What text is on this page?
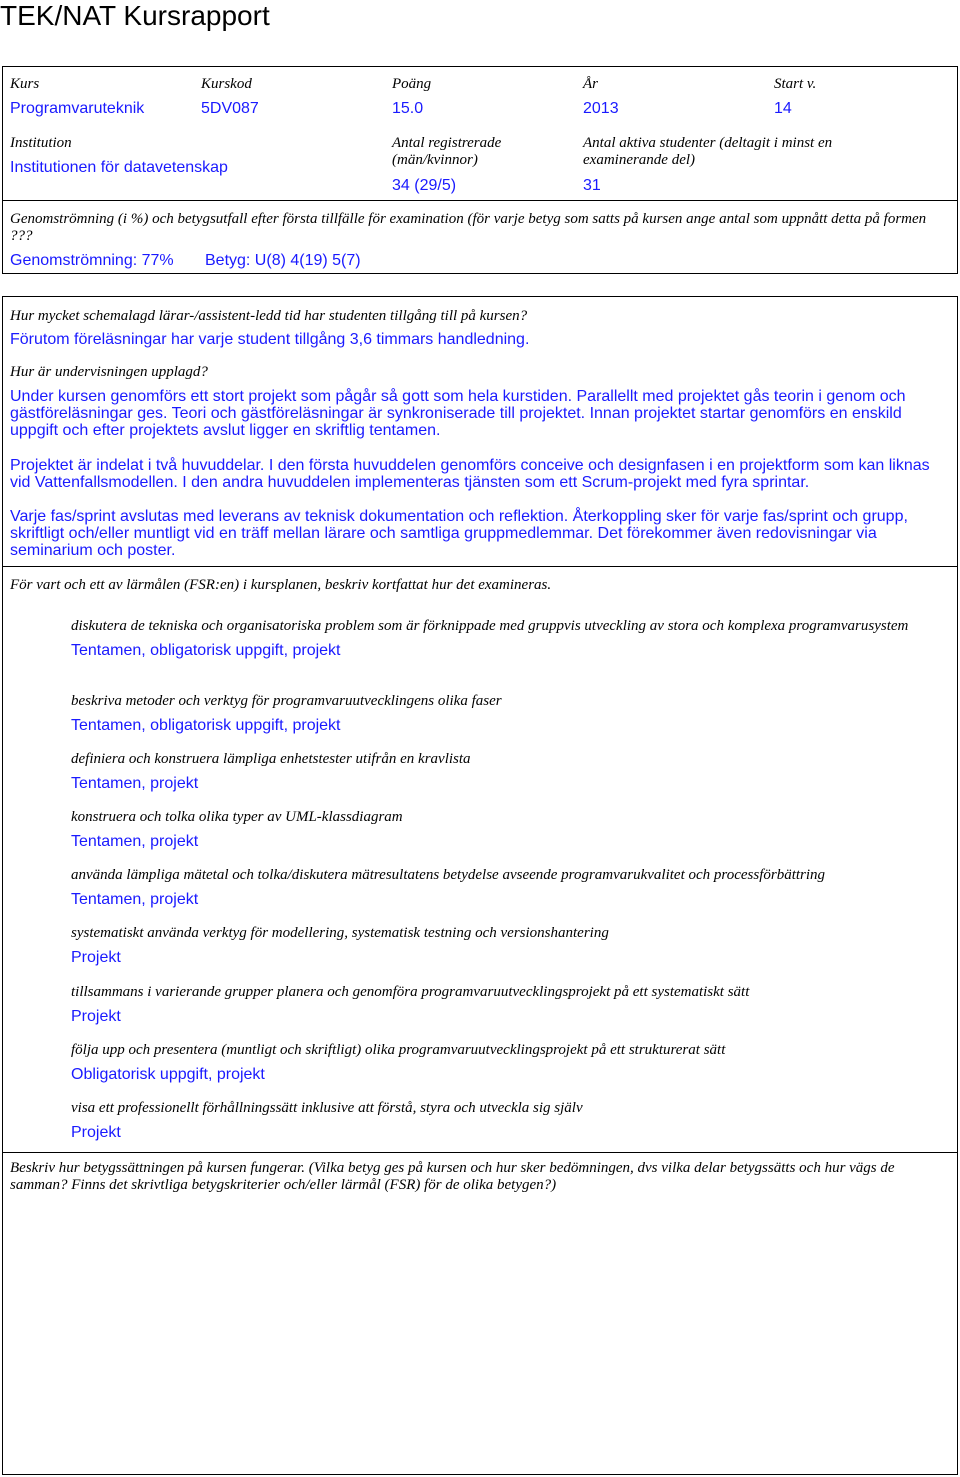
TEK/NAT Kursrapport
Kurs
Programvaruteknik
Kurskod
5DV087
Poäng
15.0
År
2013
Start v.
14
Institution
Institutionen för datavetenskap
Antal registrerade (män/kvinnor)
34 (29/5)
Antal aktiva studenter (deltagit i minst en examinerande del)
31
Genomströmning (i %) och betygsutfall efter första tillfälle för examination (för varje betyg som satts på kursen ange antal som uppnått detta på formen ???
Genomströmning: 77% Betyg: U(8) 4(19) 5(7)
Hur mycket schemalagd lärar-/assistent-ledd tid har studenten tillgång till på kursen?
Förutom föreläsningar har varje student tillgång 3,6 timmars handledning.
Hur är undervisningen upplagd?
Under kursen genomförs ett stort projekt som pågår så gott som hela kurstiden. Parallellt med projektet gås teorin i genom och gästföreläsningar ges. Teori och gästföreläsningar är synkroniserade till projektet. Innan projektet startar genomförs en enskild uppgift och efter projektets avslut ligger en skriftlig tentamen.
Projektet är indelat i två huvuddelar. I den första huvuddelen genomförs conceive och designfasen i en projektform som kan liknas vid Vattenfallsmodellen. I den andra huvuddelen implementeras tjänsten som ett Scrum-projekt med fyra sprintar.
Varje fas/sprint avslutas med leverans av teknisk dokumentation och reflektion. Återkoppling sker för varje fas/sprint och grupp, skriftligt och/eller muntligt vid en träff mellan lärare och samtliga gruppmedlemmar. Det förekommer även redovisningar via seminarium och poster.
För vart och ett av lärmålen (FSR:en) i kursplanen, beskriv kortfattat hur det examineras.
diskutera de tekniska och organisatoriska problem som är förknippade med gruppvis utveckling av stora och komplexa programvarusystem
Tentamen, obligatorisk uppgift, projekt
beskriva metoder och verktyg för programvaruutvecklingens olika faser
Tentamen, obligatorisk uppgift, projekt
definiera och konstruera lämpliga enhetstester utifrån en kravlista
Tentamen, projekt
konstruera och tolka olika typer av UML-klassdiagram
Tentamen, projekt
använda lämpliga mätetal och tolka/diskutera mätresultatens betydelse avseende programvarukvalitet och processförbättring
Tentamen, projekt
systematiskt använda verktyg för modellering, systematisk testning och versionshantering
Projekt
tillsammans i varierande grupper planera och genomföra programvaruutvecklingsprojekt på ett systematiskt sätt
Projekt
följa upp och presentera (muntligt och skriftligt) olika programvaruutvecklingsprojekt på ett strukturerat sätt
Obligatorisk uppgift, projekt
visa ett professionellt förhållningssätt inklusive att förstå, styra och utveckla sig själv
Projekt
Beskriv hur betygssättningen på kursen fungerar. (Vilka betyg ges på kursen och hur sker bedömningen, dvs vilka delar betygssätts och hur vägs de samman? Finns det skrivtliga betygskriterier och/eller lärmål (FSR) för de olika betygen?)
